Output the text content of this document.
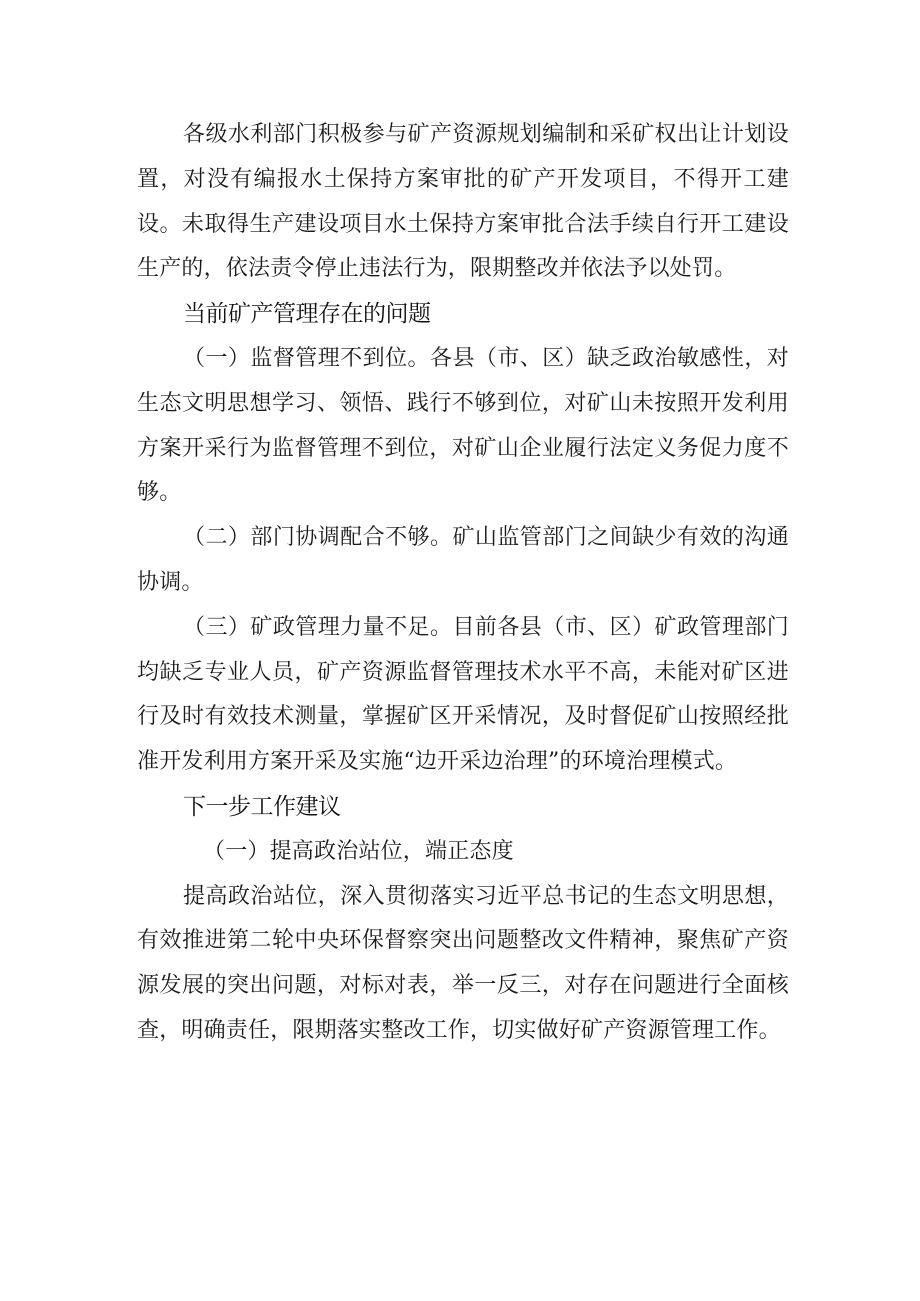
各级水利部门积极参与矿产资源规划编制和采矿权出让计划设置，对没有编报水土保持方案审批的矿产开发项目，不得开工建设。未取得生产建设项目水土保持方案审批合法手续自行开工建设生产的，依法责令停止违法行为，限期整改并依法予以处罚。

当前矿产管理存在的问题

（一）监督管理不到位。各县（市、区）缺乏政治敏感性，对生态文明思想学习、领悟、践行不够到位，对矿山未按照开发利用方案开采行为监督管理不到位，对矿山企业履行法定义务促力度不够。

（二）部门协调配合不够。矿山监管部门之间缺少有效的沟通协调。

（三）矿政管理力量不足。目前各县（市、区）矿政管理部门均缺乏专业人员，矿产资源监督管理技术水平不高，未能对矿区进行及时有效技术测量，掌握矿区开采情况，及时督促矿山按照经批准开发利用方案开采及实施“边开采边治理”的环境治理模式。

下一步工作建议

（一）提高政治站位，端正态度

提高政治站位，深入贯彻落实习近平总书记的生态文明思想，有效推进第二轮中央环保督察突出问题整改文件精神，聚焦矿产资源发展的突出问题，对标对表，举一反三，对存在问题进行全面核查，明确责任，限期落实整改工作，切实做好矿产资源管理工作。
